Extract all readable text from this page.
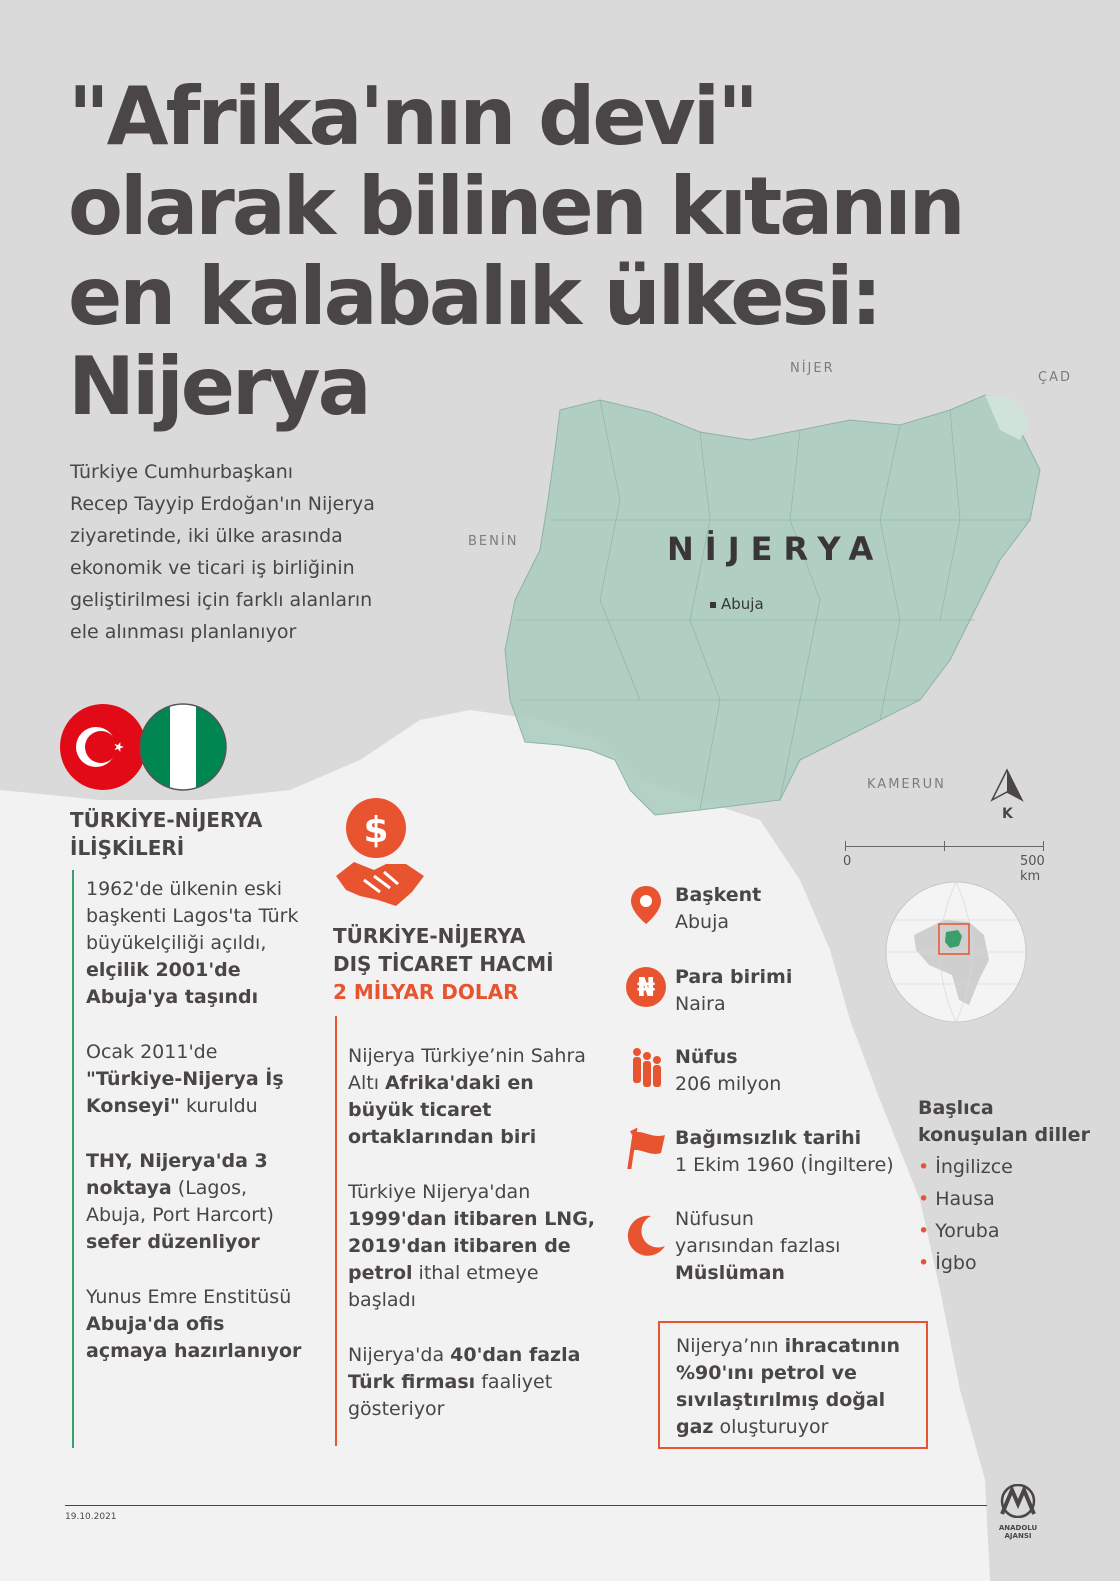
"Afrika'nın devi"
olarak bilinen kıtanın
en kalabalık ülkesi:
Nijerya
Türkiye Cumhurbaşkanı
Recep Tayyip Erdoğan'ın Nijerya
ziyaretinde, iki ülke arasında
ekonomik ve ticari iş birliğinin
geliştirilmesi için farklı alanların
ele alınması planlanıyor
NİJER
ÇAD
BENİN
KAMERUN
NİJERYA
Abuja
K
0	500 km
TÜRKİYE-NİJERYA
İLİŞKİLERİ

1962'de ülkenin eski başkenti Lagos'ta Türk büyükelçiliği açıldı, elçilik 2001'de Abuja'ya taşındı

Ocak 2011'de "Türkiye-Nijerya İş Konseyi" kuruldu

THY, Nijerya'da 3 noktaya (Lagos, Abuja, Port Harcort) sefer düzenliyor

Yunus Emre Enstitüsü Abuja'da ofis açmaya hazırlanıyor

$
TÜRKİYE-NİJERYA
DIŞ TİCARET HACMİ
2 MİLYAR DOLAR

Nijerya Türkiye’nin Sahra Altı Afrika'daki en büyük ticaret ortaklarından biri

Türkiye Nijerya'dan 1999'dan itibaren LNG, 2019'dan itibaren de petrol ithal etmeye başladı

Nijerya'da 40'dan fazla Türk firması faaliyet gösteriyor

Başkent
Abuja
₦ Para birimi
Naira
Nüfus
206 milyon
Bağımsızlık tarihi
1 Ekim 1960 (İngiltere)
Nüfusun
yarısından fazlası
Müslüman
Başlıca
konuşulan diller
• İngilizce
• Hausa
• Yoruba
• İgbo
Nijerya’nın ihracatının %90'ını petrol ve sıvılaştırılmış doğal gaz oluşturuyor
19.10.2021
ANADOLU AJANSI
